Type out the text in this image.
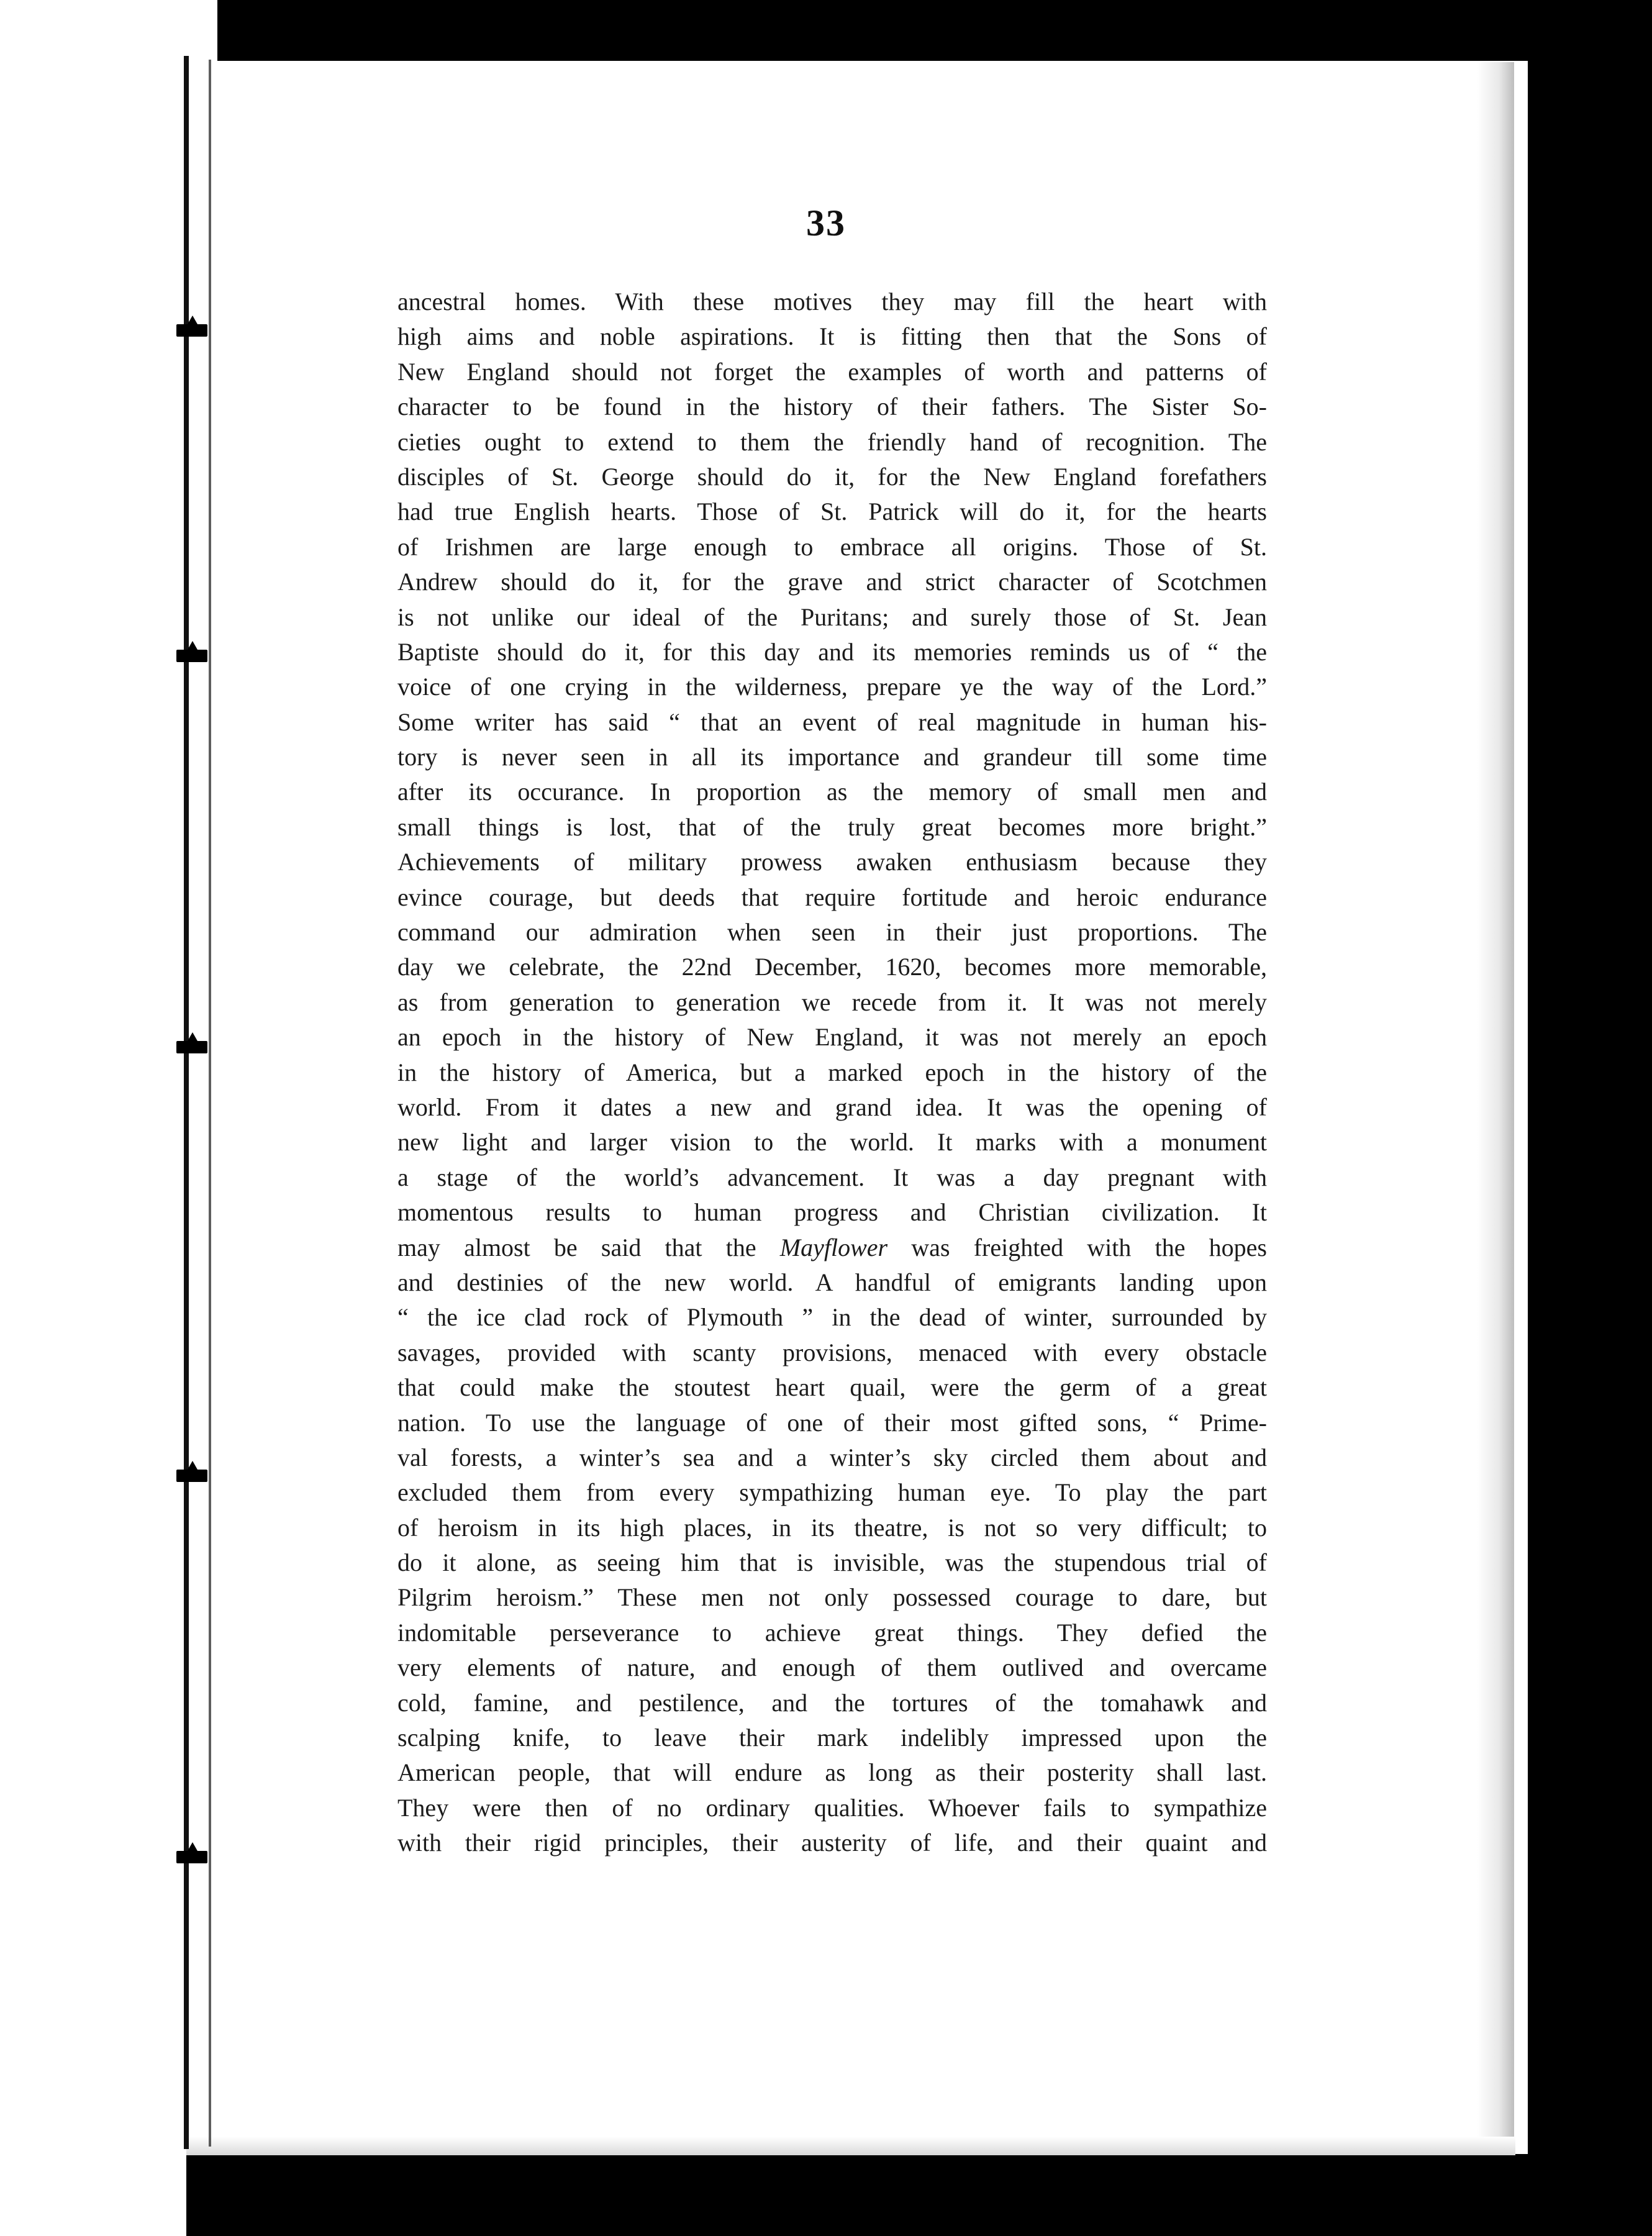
33
ancestral homes. With these motives they may fill the heart with
high aims and noble aspirations. It is fitting then that the Sons of
New England should not forget the examples of worth and patterns of
character to be found in the history of their fathers. The Sister So-
cieties ought to extend to them the friendly hand of recognition. The
disciples of St. George should do it, for the New England forefathers
had true English hearts. Those of St. Patrick will do it, for the hearts
of Irishmen are large enough to embrace all origins. Those of St.
Andrew should do it, for the grave and strict character of Scotchmen
is not unlike our ideal of the Puritans; and surely those of St. Jean
Baptiste should do it, for this day and its memories reminds us of “ the
voice of one crying in the wilderness, prepare ye the way of the Lord.”
Some writer has said “ that an event of real magnitude in human his-
tory is never seen in all its importance and grandeur till some time
after its occurance. In proportion as the memory of small men and
small things is lost, that of the truly great becomes more bright.”
Achievements of military prowess awaken enthusiasm because they
evince courage, but deeds that require fortitude and heroic endurance
command our admiration when seen in their just proportions. The
day we celebrate, the 22nd December, 1620, becomes more memorable,
as from generation to generation we recede from it. It was not merely
an epoch in the history of New England, it was not merely an epoch
in the history of America, but a marked epoch in the history of the
world. From it dates a new and grand idea. It was the opening of
new light and larger vision to the world. It marks with a monument
a stage of the world’s advancement. It was a day pregnant with
momentous results to human progress and Christian civilization. It
may almost be said that the Mayflower was freighted with the hopes
and destinies of the new world. A handful of emigrants landing upon
“ the ice clad rock of Plymouth ” in the dead of winter, surrounded by
savages, provided with scanty provisions, menaced with every obstacle
that could make the stoutest heart quail, were the germ of a great
nation. To use the language of one of their most gifted sons, “ Prime-
val forests, a winter’s sea and a winter’s sky circled them about and
excluded them from every sympathizing human eye. To play the part
of heroism in its high places, in its theatre, is not so very difficult; to
do it alone, as seeing him that is invisible, was the stupendous trial of
Pilgrim heroism.” These men not only possessed courage to dare, but
indomitable perseverance to achieve great things. They defied the
very elements of nature, and enough of them outlived and overcame
cold, famine, and pestilence, and the tortures of the tomahawk and
scalping knife, to leave their mark indelibly impressed upon the
American people, that will endure as long as their posterity shall last.
They were then of no ordinary qualities. Whoever fails to sympathize
with their rigid principles, their austerity of life, and their quaint and
